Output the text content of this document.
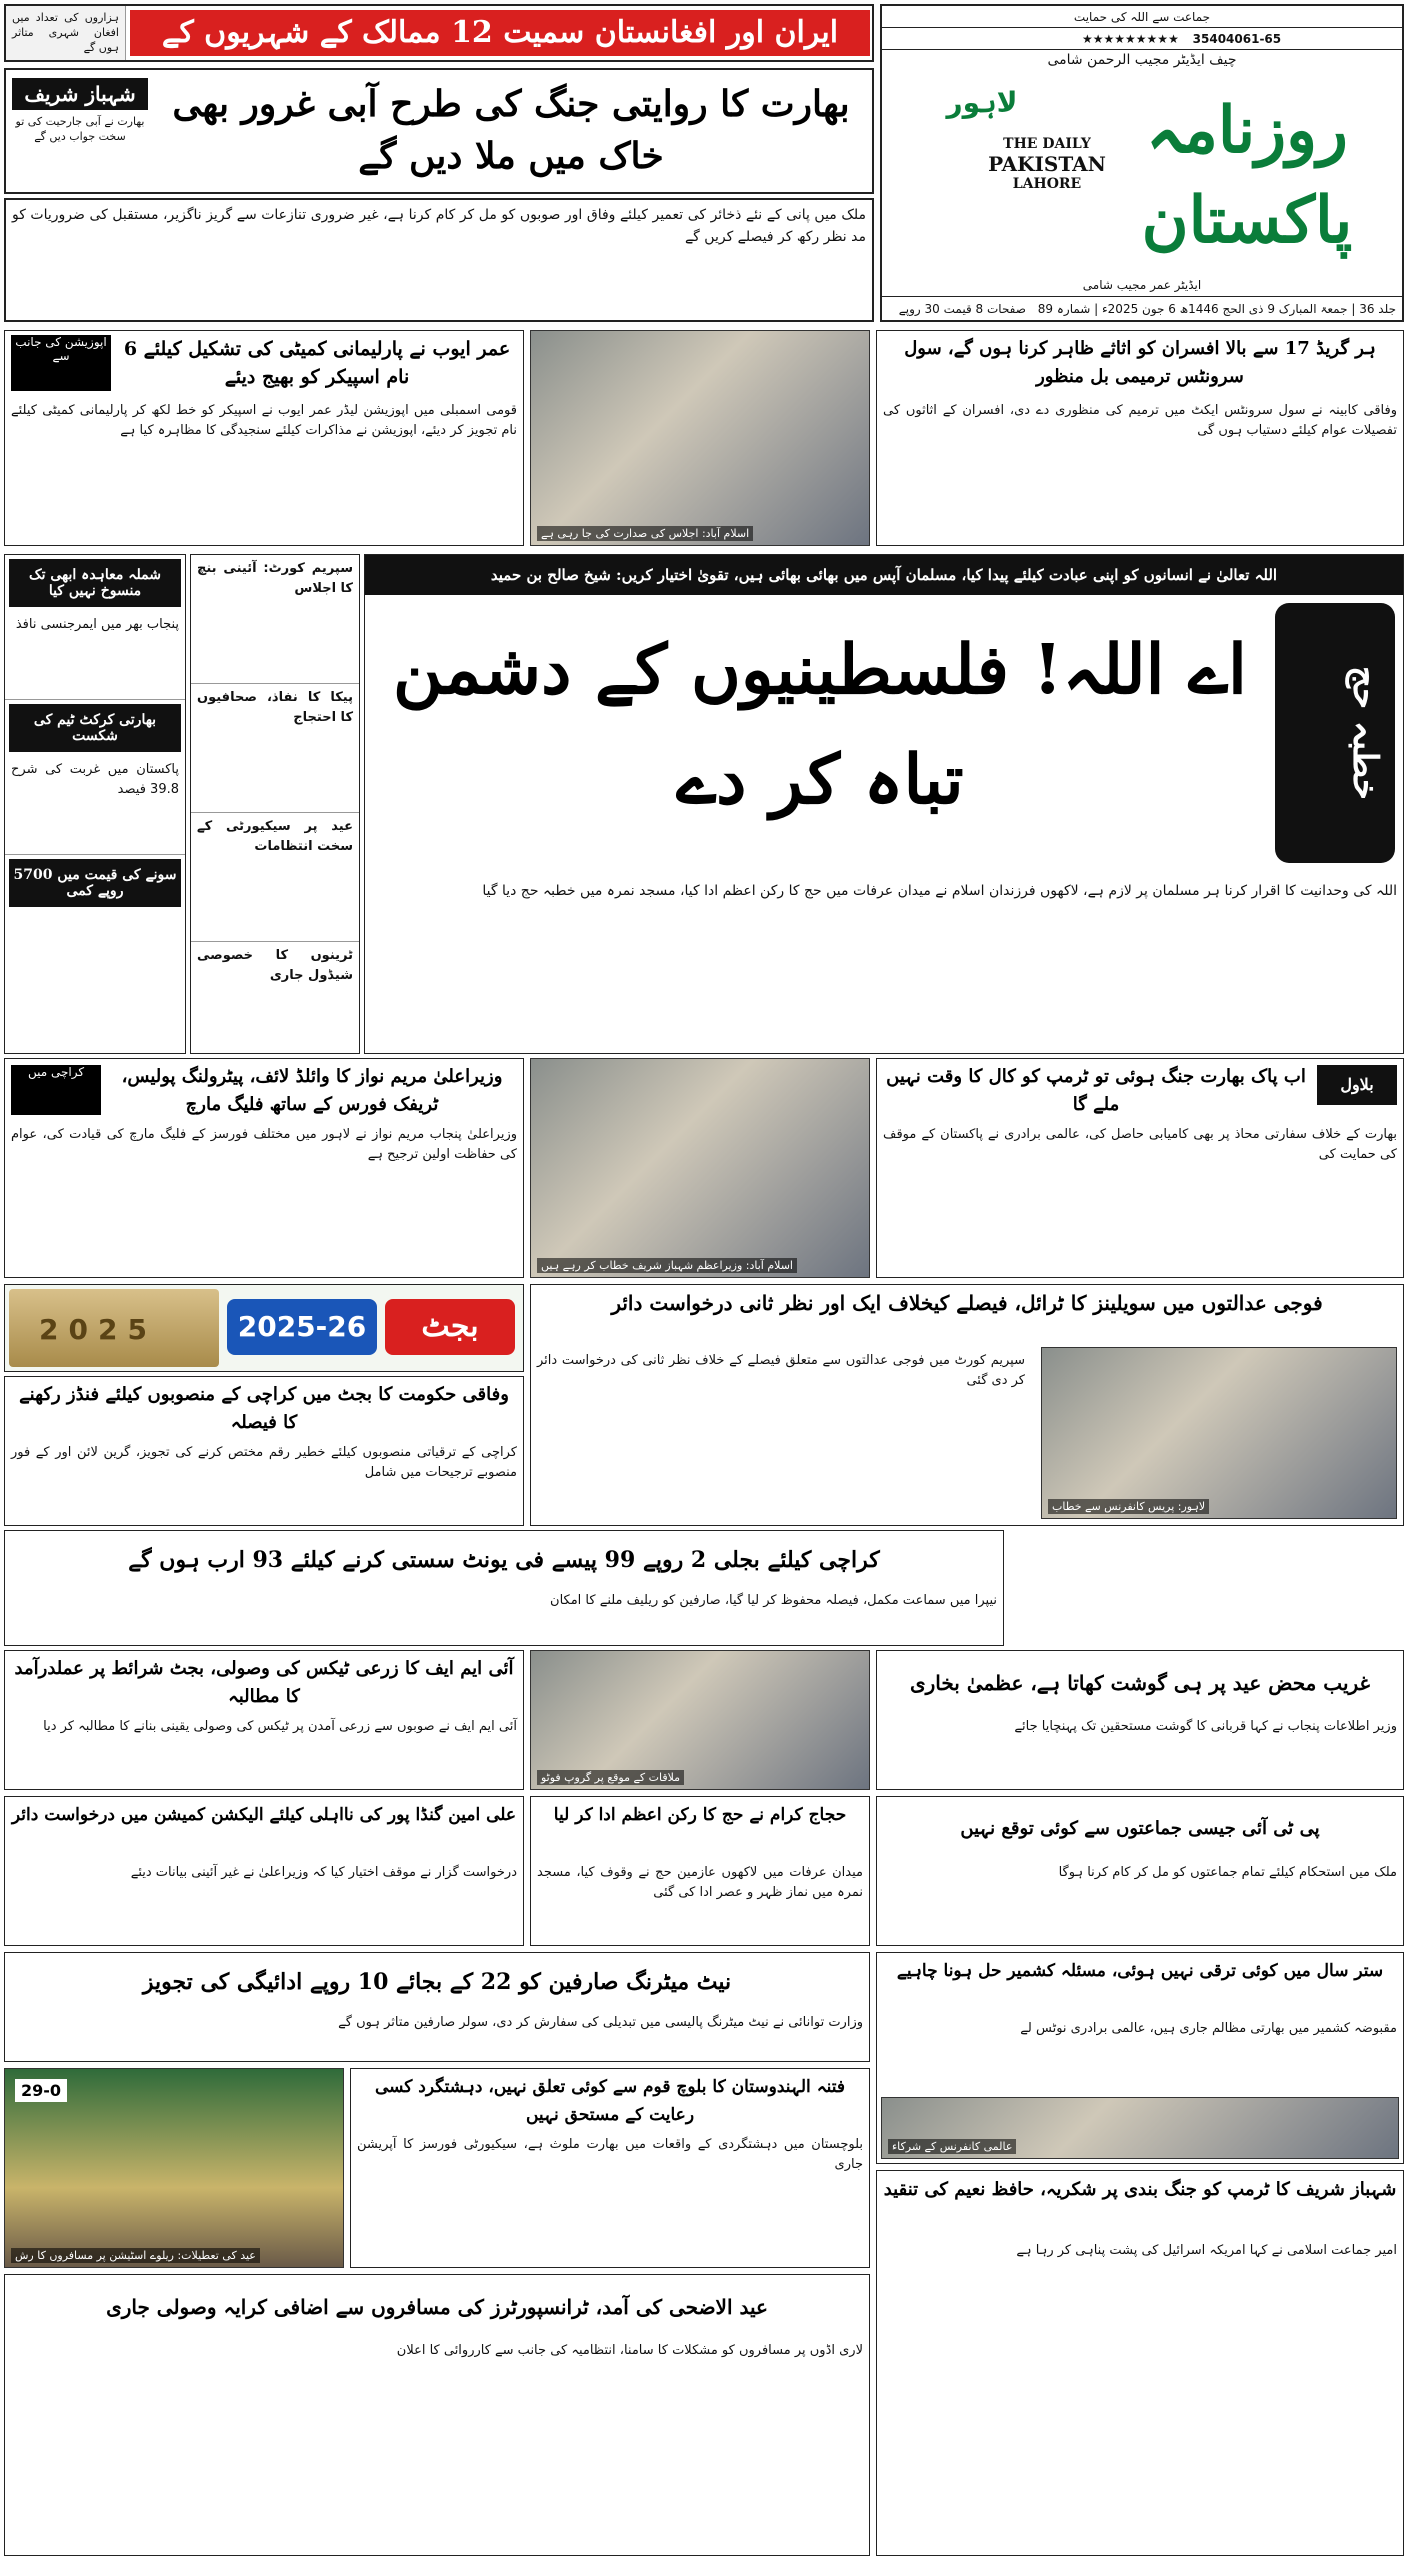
ہزاروں کی تعداد میں افغان شہری متاثر ہوں گے	ایران اور افغانستان سمیت 12 ممالک کے شہریوں کے	جماعت سے اللہ کی حمایت
★★★★★★★★★ 35404061-65
چیف ایڈیٹر مجیب الرحمن شامی
روزنامہ پاکستان
لاہور
THE DAILY
PAKISTAN
LAHORE
ایڈیٹر عمر مجیب شامی
جلد 36 | جمعۃ المبارک 9 ذی الحج 1446ھ 6 جون 2025ء | شمارہ 89 صفحات 8 قیمت 30 روپے
بھارت کا روایتی جنگ کی طرح آبی غرور بھی خاک میں ملا دیں گے
شہباز شریف
بھارت نے آبی جارحیت کی تو سخت جواب دیں گے
ملک میں پانی کے نئے ذخائر کی تعمیر کیلئے وفاق اور صوبوں کو مل کر کام کرنا ہے، غیر ضروری تنازعات سے گریز ناگزیر، مستقبل کی ضروریات کو مد نظر رکھ کر فیصلے کریں گے
اپوزیشن کی جانب سے	عمر ایوب نے پارلیمانی کمیٹی کی تشکیل کیلئے 6 نام اسپیکر کو بھیج دیئے
قومی اسمبلی میں اپوزیشن لیڈر عمر ایوب نے اسپیکر کو خط لکھ کر پارلیمانی کمیٹی کیلئے نام تجویز کر دیئے، اپوزیشن نے مذاکرات کیلئے سنجیدگی کا مظاہرہ کیا ہے
اسلام آباد: اجلاس کی صدارت کی جا رہی ہے
ہر گریڈ 17 سے بالا افسران کو اثاثے ظاہر کرنا ہوں گے، سول سرونٹس ترمیمی بل منظور
وفاقی کابینہ نے سول سرونٹس ایکٹ میں ترمیم کی منظوری دے دی، افسران کے اثاثوں کی تفصیلات عوام کیلئے دستیاب ہوں گی
شملہ معاہدہ ابھی تک منسوخ نہیں کیا
پنجاب بھر میں ایمرجنسی نافذ
بھارتی کرکٹ ٹیم کی شکست
پاکستان میں غربت کی شرح 39.8 فیصد
سونے کی قیمت میں 5700 روپے کمی
سپریم کورٹ: آئینی بنچ کا اجلاس
پیکا کا نفاذ، صحافیوں کا احتجاج
عید پر سیکیورٹی کے سخت انتظامات
ٹرینوں کا خصوصی شیڈول جاری
اللہ تعالیٰ نے انسانوں کو اپنی عبادت کیلئے پیدا کیا، مسلمان آپس میں بھائی بھائی ہیں، تقویٰ اختیار کریں: شیخ صالح بن حمید
خطبہ حج
اے اللہ! فلسطینیوں کے دشمن تباہ کر دے
اللہ کی وحدانیت کا اقرار کرنا ہر مسلمان پر لازم ہے، لاکھوں فرزندان اسلام نے میدان عرفات میں حج کا رکن اعظم ادا کیا، مسجد نمرہ میں خطبہ حج دیا گیا
کراچی میں	وزیراعلیٰ مریم نواز کا وائلڈ لائف، پیٹرولنگ پولیس، ٹریفک فورس کے ساتھ فلیگ مارچ
وزیراعلیٰ پنجاب مریم نواز نے لاہور میں مختلف فورسز کے فلیگ مارچ کی قیادت کی، عوام کی حفاظت اولین ترجیح ہے
اسلام آباد: وزیراعظم شہباز شریف خطاب کر رہے ہیں
بلاول
اب پاک بھارت جنگ ہوئی تو ٹرمپ کو کال کا وقت نہیں ملے گا
بھارت کے خلاف سفارتی محاذ پر بھی کامیابی حاصل کی، عالمی برادری نے پاکستان کے موقف کی حمایت کی
2025	2025-26	بجٹ
وفاقی حکومت کا بجٹ میں کراچی کے منصوبوں کیلئے فنڈز رکھنے کا فیصلہ
کراچی کے ترقیاتی منصوبوں کیلئے خطیر رقم مختص کرنے کی تجویز، گرین لائن اور کے فور منصوبے ترجیحات میں شامل
کراچی کیلئے بجلی 2 روپے 99 پیسے فی یونٹ سستی کرنے کیلئے 93 ارب ہوں گے
نیپرا میں سماعت مکمل، فیصلہ محفوظ کر لیا گیا، صارفین کو ریلیف ملنے کا امکان
فوجی عدالتوں میں سویلینز کا ٹرائل، فیصلے کیخلاف ایک اور نظر ثانی درخواست دائر
سپریم کورٹ میں فوجی عدالتوں سے متعلق فیصلے کے خلاف نظر ثانی کی درخواست دائر کر دی گئی
لاہور: پریس کانفرنس سے خطاب
آئی ایم ایف کا زرعی ٹیکس کی وصولی، بجٹ شرائط پر عملدرآمد کا مطالبہ
آئی ایم ایف نے صوبوں سے زرعی آمدن پر ٹیکس کی وصولی یقینی بنانے کا مطالبہ کر دیا
ملاقات کے موقع پر گروپ فوٹو
غریب محض عید پر ہی گوشت کھاتا ہے، عظمیٰ بخاری
وزیر اطلاعات پنجاب نے کہا قربانی کا گوشت مستحقین تک پہنچایا جائے
علی امین گنڈا پور کی نااہلی کیلئے الیکشن کمیشن میں درخواست دائر
درخواست گزار نے موقف اختیار کیا کہ وزیراعلیٰ نے غیر آئینی بیانات دیئے
حجاج کرام نے حج کا رکن اعظم ادا کر لیا
میدان عرفات میں لاکھوں عازمین حج نے وقوف کیا، مسجد نمرہ میں نماز ظہر و عصر ادا کی گئی
پی ٹی آئی جیسی جماعتوں سے کوئی توقع نہیں
ملک میں استحکام کیلئے تمام جماعتوں کو مل کر کام کرنا ہوگا
نیٹ میٹرنگ صارفین کو 22 کے بجائے 10 روپے ادائیگی کی تجویز
وزارت توانائی نے نیٹ میٹرنگ پالیسی میں تبدیلی کی سفارش کر دی، سولر صارفین متاثر ہوں گے
ستر سال میں کوئی ترقی نہیں ہوئی، مسئلہ کشمیر حل ہونا چاہیے
مقبوضہ کشمیر میں بھارتی مظالم جاری ہیں، عالمی برادری نوٹس لے
عالمی کانفرنس کے شرکاء
29-0
عید کی تعطیلات: ریلوے اسٹیشن پر مسافروں کا رش
فتنہ الہندوستان کا بلوچ قوم سے کوئی تعلق نہیں، دہشتگرد کسی رعایت کے مستحق نہیں
بلوچستان میں دہشتگردی کے واقعات میں بھارت ملوث ہے، سیکیورٹی فورسز کا آپریشن جاری
عید الاضحی کی آمد، ٹرانسپورٹرز کی مسافروں سے اضافی کرایہ وصولی جاری
لاری اڈوں پر مسافروں کو مشکلات کا سامنا، انتظامیہ کی جانب سے کارروائی کا اعلان
شہباز شریف کا ٹرمپ کو جنگ بندی پر شکریہ، حافظ نعیم کی تنقید
امیر جماعت اسلامی نے کہا امریکہ اسرائیل کی پشت پناہی کر رہا ہے
